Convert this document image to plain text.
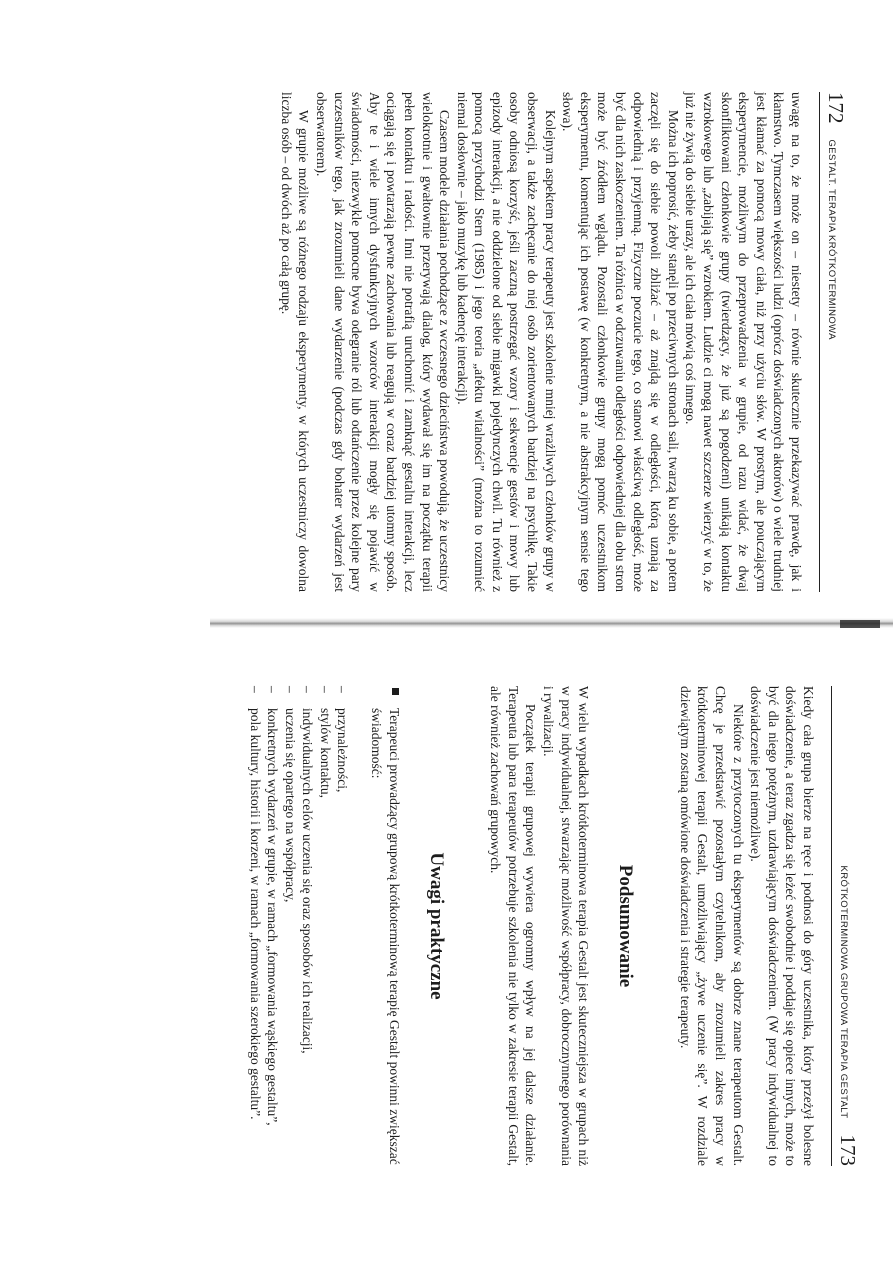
172
GESTALT. TERAPIA KRÓTKOTERMINOWA

uwagę na to, że może on – niestety – równie skutecznie przekazywać prawdę, jak i kłamstwo. Tymczasem większości ludzi (oprócz doświadczonych aktorów) o wiele trudniej jest kłamać za pomocą mowy ciała, niż przy użyciu słów. W prostym, ale pouczającym eksperymencie, możliwym do przeprowadzenia w grupie, od razu widać, że dwaj skonfliktowani członkowie grupy (twierdzący, że już są pogodzeni) unikają kontaktu wzrokowego lub „zabijają się” wzrokiem. Ludzie ci mogą nawet szczerze wierzyć w to, że już nie żywią do siebie urazy, ale ich ciała mówią coś innego.

Można ich poprosić, żeby stanęli po przeciwnych stronach sali, twarzą ku sobie, a potem zaczęli się do siebie powoli zbliżać – aż znajdą się w odległości, którą uznają za odpowiednią i przyjemną. Fizyczne poczucie tego, co stanowi właściwą odległość, może być dla nich zaskoczeniem. Ta różnica w odczuwaniu odległości odpowiedniej dla obu stron może być źródłem wglądu. Pozostali członkowie grupy mogą pomóc uczestnikom eksperymentu, komentując ich postawę (w konkretnym, a nie abstrakcyjnym sensie tego słowa).

Kolejnym aspektem pracy terapeuty jest szkolenie mniej wrażliwych członków grupy w obserwacji, a także zachęcanie do niej osób zorientowanych bardziej na psychikę. Takie osoby odniosą korzyść, jeśli zaczną postrzegać wzory i sekwencje gestów i mowy lub epizody interakcji, a nie oddzielone od siebie migawki pojedynczych chwil. Tu również z pomocą przychodzi Stern (1985) i jego teoria „afektu witalności” (można to rozumieć niemal dosłownie – jako muzykę lub kadencję interakcji).

Czasem modele działania pochodzące z wczesnego dzieciństwa powodują, że uczestnicy wielokrotnie i gwałtownie przerywają dialog, który wydawał się im na początku terapii pełen kontaktu i radości. Inni nie potrafią uruchomić i zamknąć gestaltu interakcji, lecz ociągają się i powtarzają pewne zachowania lub reagują w coraz bardziej utomny sposób. Aby te i wiele innych dysfunkcyjnych wzorców interakcji mogły się pojawić w świadomości, niezwykle pomocne bywa odegranie ról lub odtańczenie przez kolejne pary uczestników tego, jak zrozumieli dane wydarzenie (podczas gdy bohater wydarzeń jest obserwatorem).

W grupie możliwe są różnego rodzaju eksperymenty, w których uczestniczy dowolna liczba osób – od dwóch aż po całą grupę.

KRÓTKOTERMINOWA GRUPOWA TERAPIA GESTALT
173

Kiedy cała grupa bierze na ręce i podnosi do góry uczestnika, który przeżył bolesne doświadczenie, a teraz zgadza się leżeć swobodnie i poddaje się opiece innych, może to być dla niego potężnym, uzdrawiającym doświadczeniem. (W pracy indywidualnej to doświadczenie jest niemożliwe).

Niektóre z przytoczonych tu eksperymentów są dobrze znane terapeutom Gestalt. Chcę je przedstawić pozostałym czytelnikom, aby zrozumieli zakres pracy w krótkoterminowej terapii Gestalt, umożliwiający „żywe uczenie się”. W rozdziale dziewiątym zostaną omówione doświadczenia i strategie terapeuty.

Podsumowanie

W wielu wypadkach krótkoterminowa terapia Gestalt jest skuteczniejsza w grupach niż w pracy indywidualnej, stwarzając możliwość współpracy, dobrocznynnego porównania i rywalizacji.

Początek terapii grupowej wywiera ogromny wpływ na jej dalsze działanie. Terapeuta lub para terapeutów potrzebuje szkolenia nie tylko w zakresie terapii Gestalt, ale również zachowań grupowych.

Uwagi praktyczne
Terapeuci prowadzący grupową krótkoterminową terapię Gestalt powinni zwiększać świadomość:
– przynależności,
– stylów kontaktu,
– indywidualnych celów uczenia się oraz sposobów ich realizacji,
– uczenia się opartego na współpracy,
– konkretnych wydarzeń w grupie, w ramach „formowania wąskiego gestaltu”,
– pola kultury, historii i korzeni, w ramach „formowania szerokiego gestaltu”.
